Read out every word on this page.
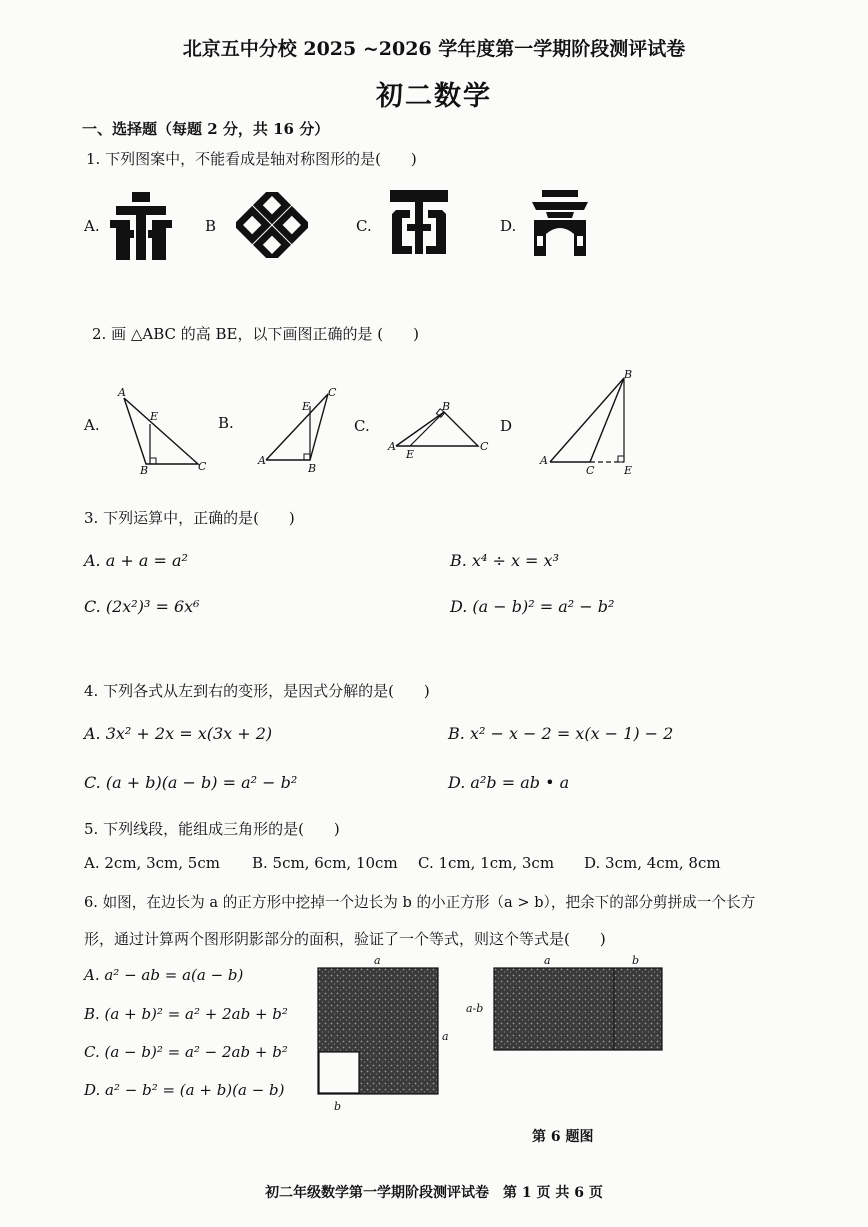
北京五中分校 2025 ~2026 学年度第一学期阶段测评试卷
初二数学
一、选择题（每题 2 分，共 16 分）
1. 下列图案中，不能看成是轴对称图形的是(　　)
A.	B	C.	D.
2. 画 △ABC 的高 BE，以下画图正确的是 (　　)
A.	B.	C.	D
A
E
B	C	A
B
C
E
A
B
C
E	A
B
C	E
3. 下列运算中，正确的是(　　)
A. a + a = a²	B. x⁴ ÷ x = x³
C. (2x²)³ = 6x⁶	D. (a − b)² = a² − b²
4. 下列各式从左到右的变形，是因式分解的是(　　)
A. 3x² + 2x = x(3x + 2)	B. x² − x − 2 = x(x − 1) − 2
C. (a + b)(a − b) = a² − b²	D. a²b = ab • a
5. 下列线段，能组成三角形的是(　　)
A. 2cm, 3cm, 5cm B. 5cm, 6cm, 10cm C. 1cm, 1cm, 3cm D. 3cm, 4cm, 8cm
6. 如图，在边长为 a 的正方形中挖掉一个边长为 b 的小正方形（a > b），把余下的部分剪拼成一个长方
形，通过计算两个图形阴影部分的面积，验证了一个等式，则这个等式是(　　)
A. a² − ab = a(a − b)
B. (a + b)² = a² + 2ab + b²
C. (a − b)² = a² − 2ab + b²
D. a² − b² = (a + b)(a − b)
a
a
b
a	b
a-b
第 6 题图
初二年级数学第一学期阶段测评试卷　第 1 页 共 6 页
